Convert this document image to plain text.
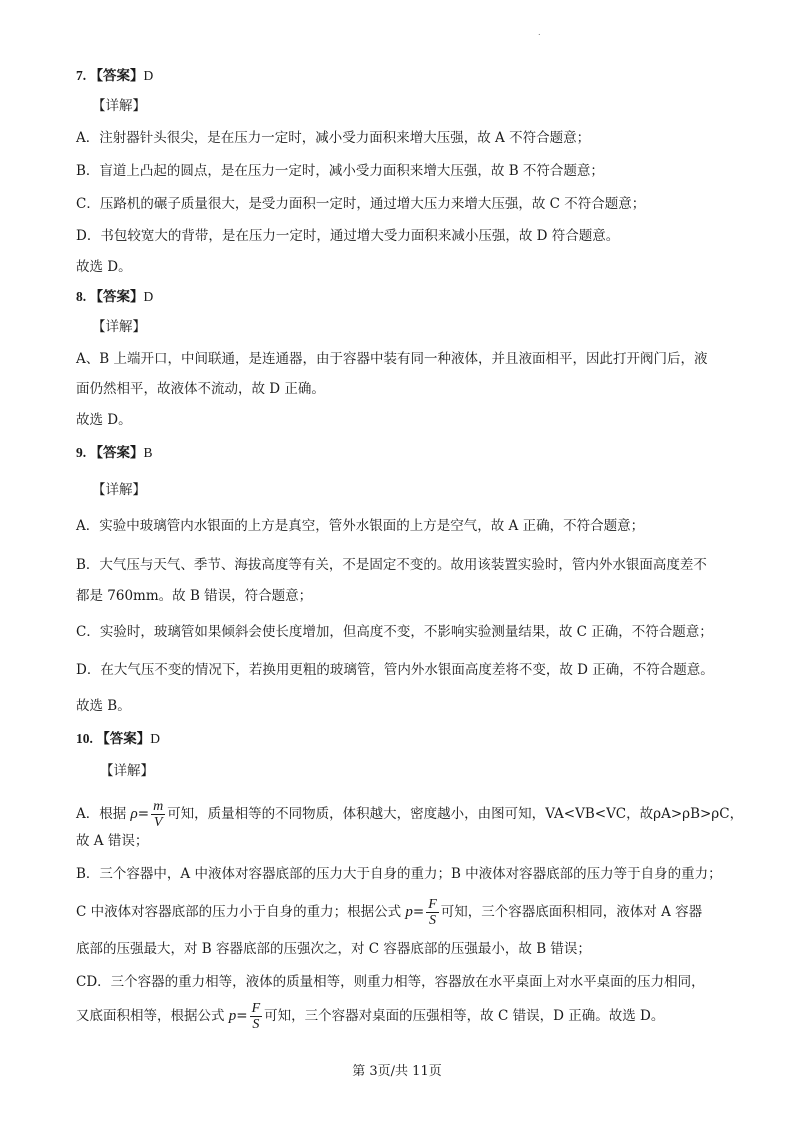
.
7. 【答案】D
【详解】
A．注射器针头很尖，是在压力一定时，减小受力面积来增大压强，故 A 不符合题意；
B．盲道上凸起的圆点，是在压力一定时，减小受力面积来增大压强，故 B 不符合题意；
C．压路机的碾子质量很大，是受力面积一定时，通过增大压力来增大压强，故 C 不符合题意；
D．书包较宽大的背带，是在压力一定时，通过增大受力面积来减小压强，故 D 符合题意。
故选 D。
8. 【答案】D
【详解】
A、B 上端开口，中间联通，是连通器，由于容器中装有同一种液体，并且液面相平，因此打开阀门后，液
面仍然相平，故液体不流动，故 D 正确。
故选 D。
9. 【答案】B
【详解】
A．实验中玻璃管内水银面的上方是真空，管外水银面的上方是空气，故 A 正确，不符合题意；
B．大气压与天气、季节、海拔高度等有关，不是固定不变的。故用该装置实验时，管内外水银面高度差不
都是 760mm。故 B 错误，符合题意；
C．实验时，玻璃管如果倾斜会使长度增加，但高度不变，不影响实验测量结果，故 C 正确，不符合题意；
D．在大气压不变的情况下，若换用更粗的玻璃管，管内外水银面高度差将不变，故 D 正确，不符合题意。
故选 B。
10. 【答案】D
【详解】
A．根据 $\rho= \frac{m}{V}$ 可知，质量相等的不同物质，体积越大，密度越小，由图可知，VA<VB<VC，故ρA>ρB>ρC，
故 A 错误；
B．三个容器中，A 中液体对容器底部的压力大于自身的重力；B 中液体对容器底部的压力等于自身的重力；
C 中液体对容器底部的压力小于自身的重力；根据公式 $p= \frac{F}{S}$ 可知，三个容器底面积相同，液体对 A 容器
底部的压强最大，对 B 容器底部的压强次之，对 C 容器底部的压强最小，故 B 错误；
CD．三个容器的重力相等，液体的质量相等，则重力相等，容器放在水平桌面上对水平桌面的压力相同，
又底面积相等，根据公式 $p= \frac{F}{S}$ 可知，三个容器对桌面的压强相等，故 C 错误，D 正确。故选 D。
第 3页/共 11页
